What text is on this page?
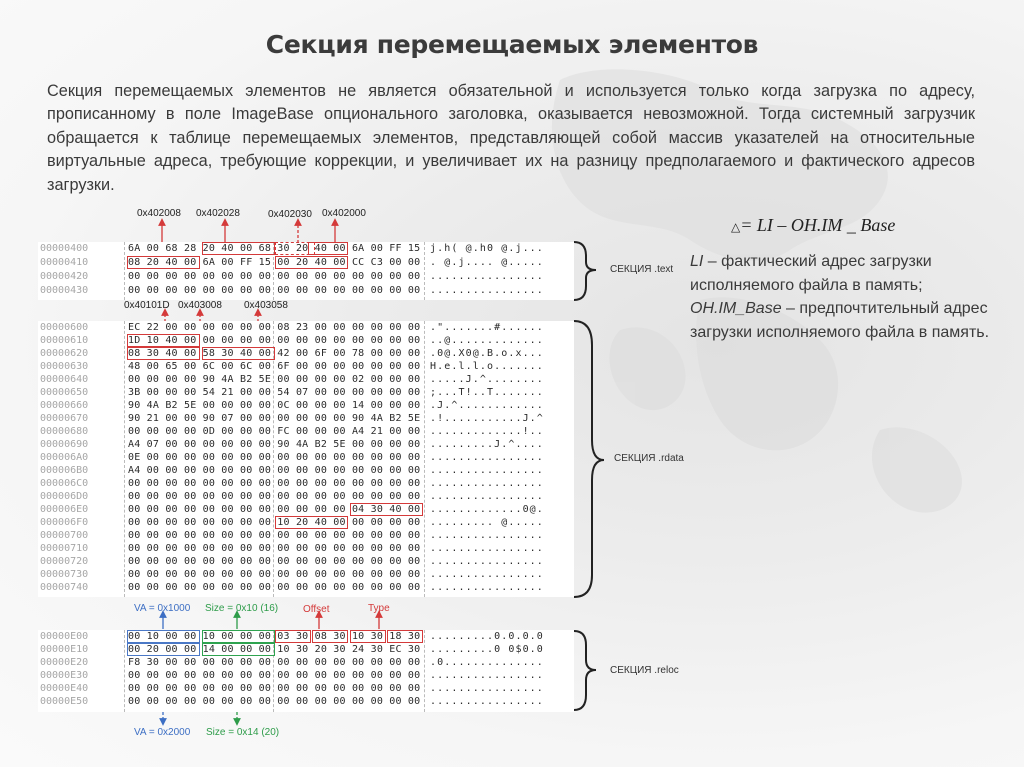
Секция перемещаемых элементов
Секция перемещаемых элементов не является обязательной и используется только когда загрузка по адресу, прописанному в поле ImageBase опционального заголовка, оказывается невозможной. Тогда системный загрузчик обращается к таблице перемещаемых элементов, представляющей собой массив указателей на относительные виртуальные адреса, требующие коррекции, и увеличивает их на разницу предполагаемого и фактического адресов загрузки.
0x402008 0x402028	0x402030 0x402000
00000400	6A 00 68 28 20 40 00 68 30 20 40 00 6A 00 FF 15 j.h( @.h0 @.j...
00000410	08 20 40 00 6A 00 FF 15 00 20 40 00 CC C3 00 00 . @.j.... @.....
00000420	00 00 00 00 00 00 00 00 00 00 00 00 00 00 00 00 ................
00000430	00 00 00 00 00 00 00 00 00 00 00 00 00 00 00 00 ................
СЕКЦИЯ .text
0x40101D 0x403008 0x403058
00000600	EC 22 00 00 00 00 00 00 08 23 00 00 00 00 00 00 .".......#......
00000610	1D 10 40 00 00 00 00 00 00 00 00 00 00 00 00 00 ..@.............
00000620	08 30 40 00 58 30 40 00 42 00 6F 00 78 00 00 00 .0@.X0@.B.o.x...
00000630	48 00 65 00 6C 00 6C 00 6F 00 00 00 00 00 00 00 H.e.l.l.o.......
00000640	00 00 00 00 90 4A B2 5E 00 00 00 00 02 00 00 00 .....J.^........
00000650	3B 00 00 00 54 21 00 00 54 07 00 00 00 00 00 00 ;...T!..T.......
00000660	90 4A B2 5E 00 00 00 00 0C 00 00 00 14 00 00 00 .J.^............
00000670	90 21 00 00 90 07 00 00 00 00 00 00 90 4A B2 5E .!...........J.^
00000680	00 00 00 00 0D 00 00 00 FC 00 00 00 A4 21 00 00 .............!..
00000690	A4 07 00 00 00 00 00 00 90 4A B2 5E 00 00 00 00 .........J.^....
000006A0	0E 00 00 00 00 00 00 00 00 00 00 00 00 00 00 00 ................
000006B0	A4 00 00 00 00 00 00 00 00 00 00 00 00 00 00 00 ................
000006C0	00 00 00 00 00 00 00 00 00 00 00 00 00 00 00 00 ................
000006D0	00 00 00 00 00 00 00 00 00 00 00 00 00 00 00 00 ................
000006E0	00 00 00 00 00 00 00 00 00 00 00 00 04 30 40 00 .............0@.
000006F0	00 00 00 00 00 00 00 00 10 20 40 00 00 00 00 00 ......... @.....
00000700	00 00 00 00 00 00 00 00 00 00 00 00 00 00 00 00 ................
00000710	00 00 00 00 00 00 00 00 00 00 00 00 00 00 00 00 ................
00000720	00 00 00 00 00 00 00 00 00 00 00 00 00 00 00 00 ................
00000730	00 00 00 00 00 00 00 00 00 00 00 00 00 00 00 00 ................
00000740	00 00 00 00 00 00 00 00 00 00 00 00 00 00 00 00 ................
СЕКЦИЯ .rdata
VA = 0x1000 Size = 0x10 (16) Offset	Type
00000E00	00 10 00 00 10 00 00 00 03 30 08 30 10 30 18 30 .........0.0.0.0
00000E10	00 20 00 00 14 00 00 00 10 30 20 30 24 30 EC 30 .........0 0$0.0
00000E20	F8 30 00 00 00 00 00 00 00 00 00 00 00 00 00 00 .0..............
00000E30	00 00 00 00 00 00 00 00 00 00 00 00 00 00 00 00 ................
00000E40	00 00 00 00 00 00 00 00 00 00 00 00 00 00 00 00 ................
00000E50	00 00 00 00 00 00 00 00 00 00 00 00 00 00 00 00 ................
СЕКЦИЯ .reloc
VA = 0x2000 Size = 0x14 (20)
△= LI – OH.IM _ Base
LI – фактический адрес загрузки исполняемого файла в память;
OH.IM_Base – предпочтительный адрес загрузки исполняемого файла в память.
